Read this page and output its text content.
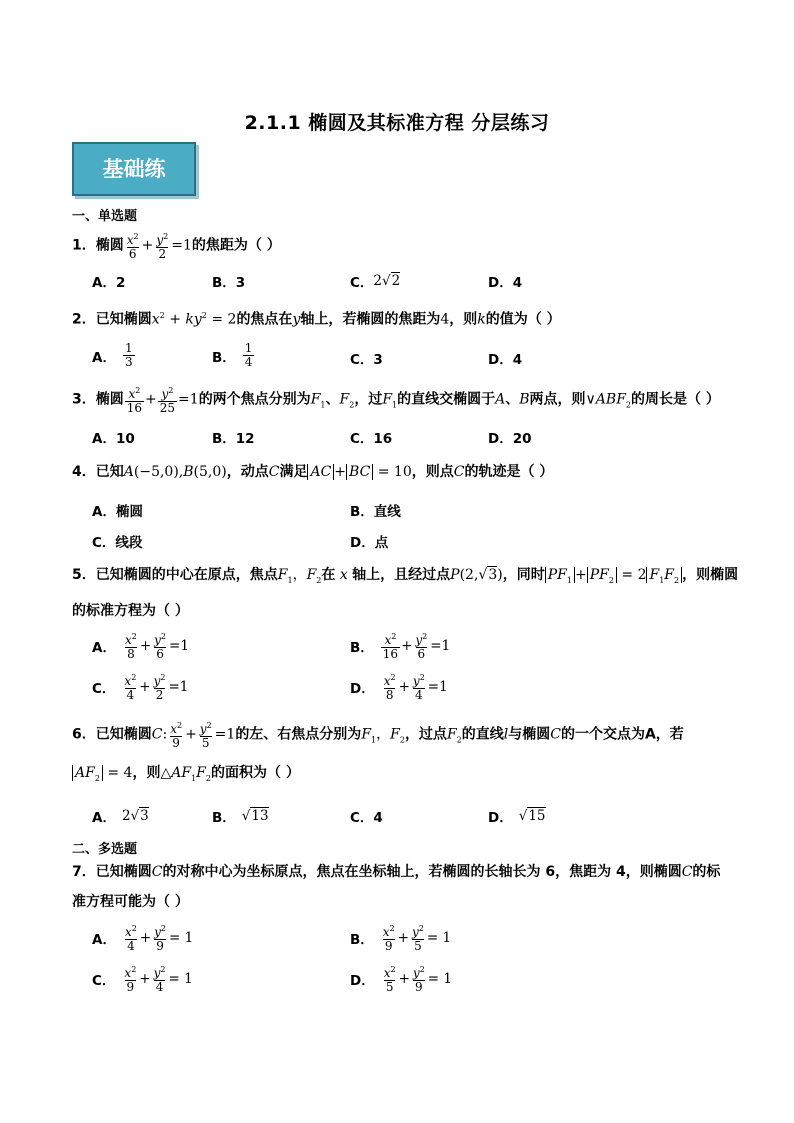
2.1.1 椭圆及其标准方程 分层练习
基础练
一、单选题
1．椭圆 $\frac{x^2}{6} + \frac{y^2}{2} =1$的焦距为（ ）
A．2	B．3	C． 2√2	D．4
2．已知椭圆$x^2 + ky^2 = 2$的焦点在y轴上，若椭圆的焦距为4，则k的值为（ ）
A．
1
3	B．
1
4	C．3	D．4
3．椭圆 $\frac{x^2}{16} + \frac{y^2}{25} =1$的两个焦点分别为$F_1$、$F_2$，过$F_1$的直线交椭圆于A、B两点，则$\vee ABF_2$的周长是（ ）
A．10	B．12	C．16	D．20
4．已知A(−5,0),B(5,0)，动点C满足 AC + BC = 10，则点C的轨迹是（ ）
A．椭圆	B．直线
C．线段	D．点
5．已知椭圆的中心在原点，焦点$F_1$，$F_2$在 x 轴上，且经过点P(2,√3)，同时 $PF_1 + PF_2 = 2$ $F_1F_2$ ，则椭圆
的标准方程为（ ）
A． $x^2$
8
+ $\frac{y^2}{6} =1$	B． $x^2$
16
+ $\frac{y^2}{6} =1$
C． $x^2$
4
+ $\frac{y^2}{2} =1$	D． $x^2$
8
+ $\frac{y^2}{4} =1$
6．已知椭圆C: $\frac{x^2}{9} + \frac{y^2}{5} =1$的左、右焦点分别为$F_1$，$F_2$，过点$F_2$的直线l与椭圆C的一个交点为A，若
$AF_2 = 4$，则$\triangle AF_1F_2$的面积为（ ）
A． 2√3	B． √13	C．4	D． √15
二、多选题
7．已知椭圆C的对称中心为坐标原点，焦点在坐标轴上，若椭圆的长轴长为 6，焦距为 4，则椭圆C的标
准方程可能为（ ）
A． $x^2$
4
+ $\frac{y^2}{9} = 1$	B． $x^2$
9
+ $\frac{y^2}{5} = 1$
C． $x^2$
9
+ $\frac{y^2}{4} = 1$	D． $x^2$
5
+ $\frac{y^2}{9} = 1$
